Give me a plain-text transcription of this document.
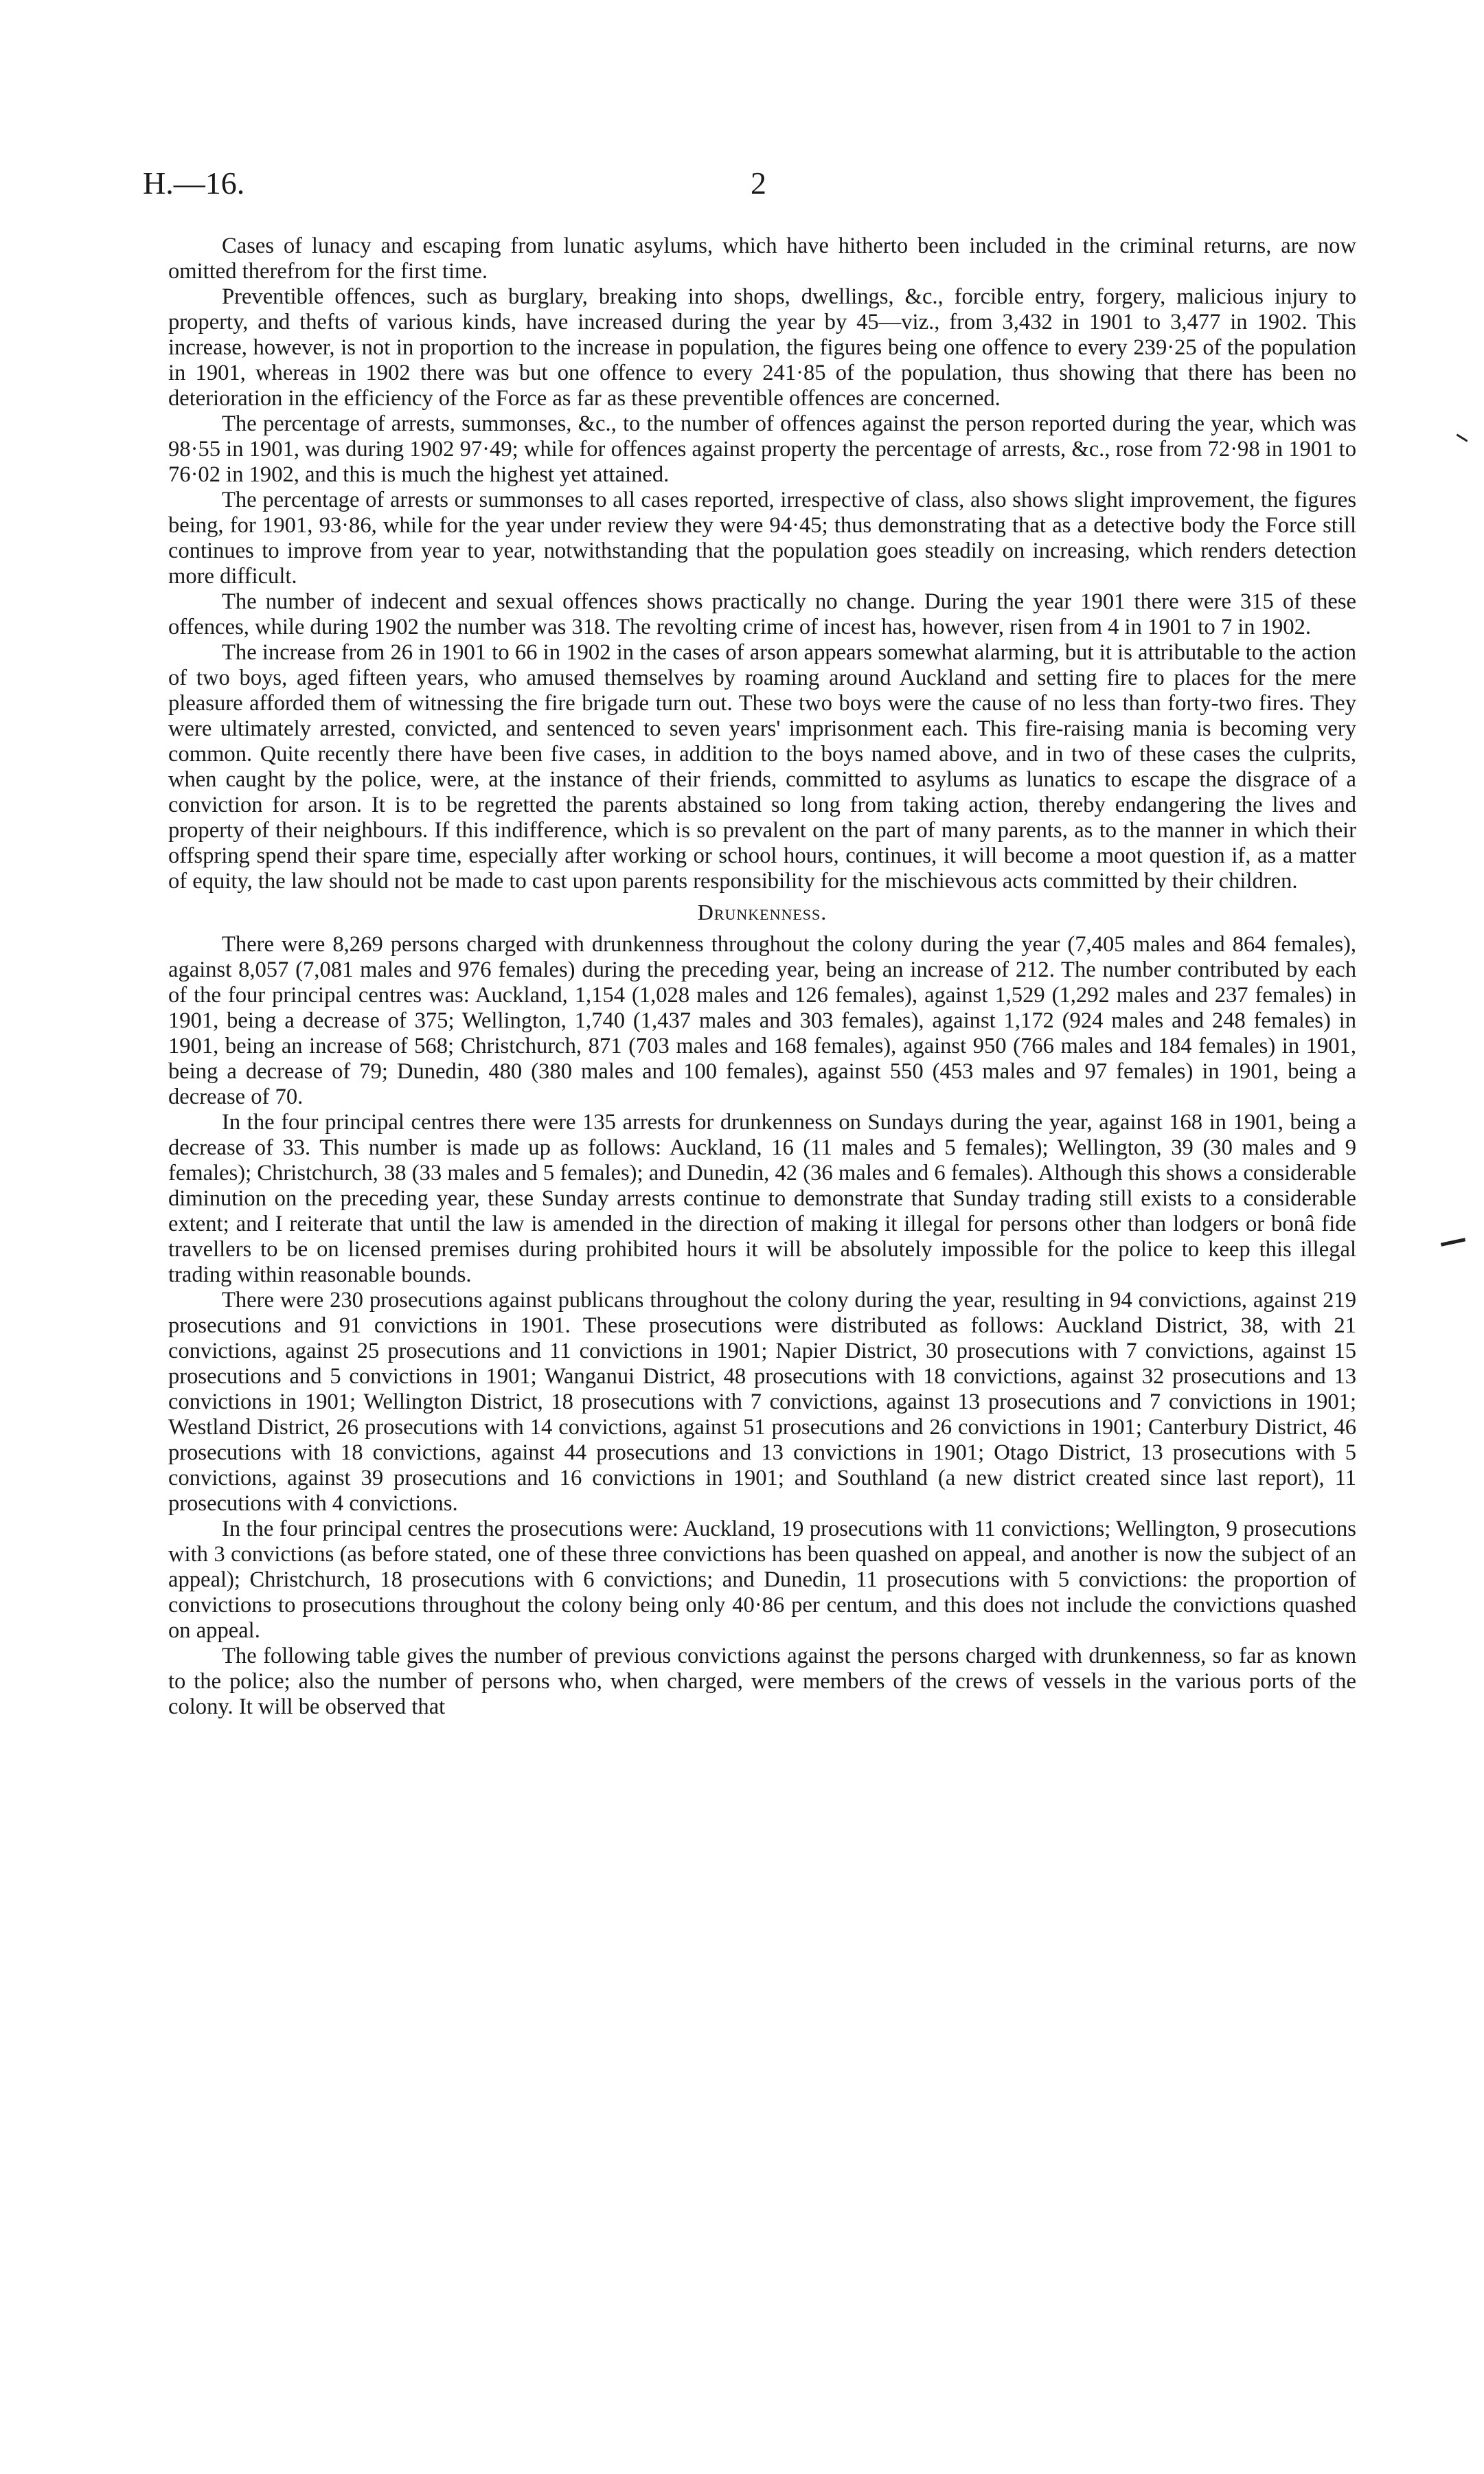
H.—16.	2

Cases of lunacy and escaping from lunatic asylums, which have hitherto been included in the criminal returns, are now omitted therefrom for the first time.

Preventible offences, such as burglary, breaking into shops, dwellings, &c., forcible entry, forgery, malicious injury to property, and thefts of various kinds, have increased during the year by 45—viz., from 3,432 in 1901 to 3,477 in 1902. This increase, however, is not in proportion to the increase in population, the figures being one offence to every 239·25 of the population in 1901, whereas in 1902 there was but one offence to every 241·85 of the population, thus showing that there has been no deterioration in the efficiency of the Force as far as these preventible offences are concerned.

The percentage of arrests, summonses, &c., to the number of offences against the person reported during the year, which was 98·55 in 1901, was during 1902 97·49; while for offences against property the percentage of arrests, &c., rose from 72·98 in 1901 to 76·02 in 1902, and this is much the highest yet attained.

The percentage of arrests or summonses to all cases reported, irrespective of class, also shows slight improvement, the figures being, for 1901, 93·86, while for the year under review they were 94·45; thus demonstrating that as a detective body the Force still continues to improve from year to year, notwithstanding that the population goes steadily on increasing, which renders detection more difficult.

The number of indecent and sexual offences shows practically no change. During the year 1901 there were 315 of these offences, while during 1902 the number was 318. The revolting crime of incest has, however, risen from 4 in 1901 to 7 in 1902.

The increase from 26 in 1901 to 66 in 1902 in the cases of arson appears somewhat alarming, but it is attributable to the action of two boys, aged fifteen years, who amused themselves by roaming around Auckland and setting fire to places for the mere pleasure afforded them of witnessing the fire brigade turn out. These two boys were the cause of no less than forty-two fires. They were ultimately arrested, convicted, and sentenced to seven years' imprisonment each. This fire-raising mania is becoming very common. Quite recently there have been five cases, in addition to the boys named above, and in two of these cases the culprits, when caught by the police, were, at the instance of their friends, committed to asylums as lunatics to escape the disgrace of a conviction for arson. It is to be regretted the parents abstained so long from taking action, thereby endangering the lives and property of their neighbours. If this indifference, which is so prevalent on the part of many parents, as to the manner in which their offspring spend their spare time, especially after working or school hours, continues, it will become a moot question if, as a matter of equity, the law should not be made to cast upon parents responsibility for the mischievous acts committed by their children.

Drunkenness.

There were 8,269 persons charged with drunkenness throughout the colony during the year (7,405 males and 864 females), against 8,057 (7,081 males and 976 females) during the preceding year, being an increase of 212. The number contributed by each of the four principal centres was: Auckland, 1,154 (1,028 males and 126 females), against 1,529 (1,292 males and 237 females) in 1901, being a decrease of 375; Wellington, 1,740 (1,437 males and 303 females), against 1,172 (924 males and 248 females) in 1901, being an increase of 568; Christchurch, 871 (703 males and 168 females), against 950 (766 males and 184 females) in 1901, being a decrease of 79; Dunedin, 480 (380 males and 100 females), against 550 (453 males and 97 females) in 1901, being a decrease of 70.

In the four principal centres there were 135 arrests for drunkenness on Sundays during the year, against 168 in 1901, being a decrease of 33. This number is made up as follows: Auckland, 16 (11 males and 5 females); Wellington, 39 (30 males and 9 females); Christchurch, 38 (33 males and 5 females); and Dunedin, 42 (36 males and 6 females). Although this shows a considerable diminution on the preceding year, these Sunday arrests continue to demonstrate that Sunday trading still exists to a considerable extent; and I reiterate that until the law is amended in the direction of making it illegal for persons other than lodgers or bonâ fide travellers to be on licensed premises during prohibited hours it will be absolutely impossible for the police to keep this illegal trading within reasonable bounds.

There were 230 prosecutions against publicans throughout the colony during the year, resulting in 94 convictions, against 219 prosecutions and 91 convictions in 1901. These prosecutions were distributed as follows: Auckland District, 38, with 21 convictions, against 25 prosecutions and 11 convictions in 1901; Napier District, 30 prosecutions with 7 convictions, against 15 prosecutions and 5 convictions in 1901; Wanganui District, 48 prosecutions with 18 convictions, against 32 prosecutions and 13 convictions in 1901; Wellington District, 18 prosecutions with 7 convictions, against 13 prosecutions and 7 convictions in 1901; Westland District, 26 prosecutions with 14 convictions, against 51 prosecutions and 26 convictions in 1901; Canterbury District, 46 prosecutions with 18 convictions, against 44 prosecutions and 13 convictions in 1901; Otago District, 13 prosecutions with 5 convictions, against 39 prosecutions and 16 convictions in 1901; and Southland (a new district created since last report), 11 prosecutions with 4 convictions.

In the four principal centres the prosecutions were: Auckland, 19 prosecutions with 11 convictions; Wellington, 9 prosecutions with 3 convictions (as before stated, one of these three convictions has been quashed on appeal, and another is now the subject of an appeal); Christchurch, 18 prosecutions with 6 convictions; and Dunedin, 11 prosecutions with 5 convictions: the proportion of convictions to prosecutions throughout the colony being only 40·86 per centum, and this does not include the convictions quashed on appeal.

The following table gives the number of previous convictions against the persons charged with drunkenness, so far as known to the police; also the number of persons who, when charged, were members of the crews of vessels in the various ports of the colony. It will be observed that
